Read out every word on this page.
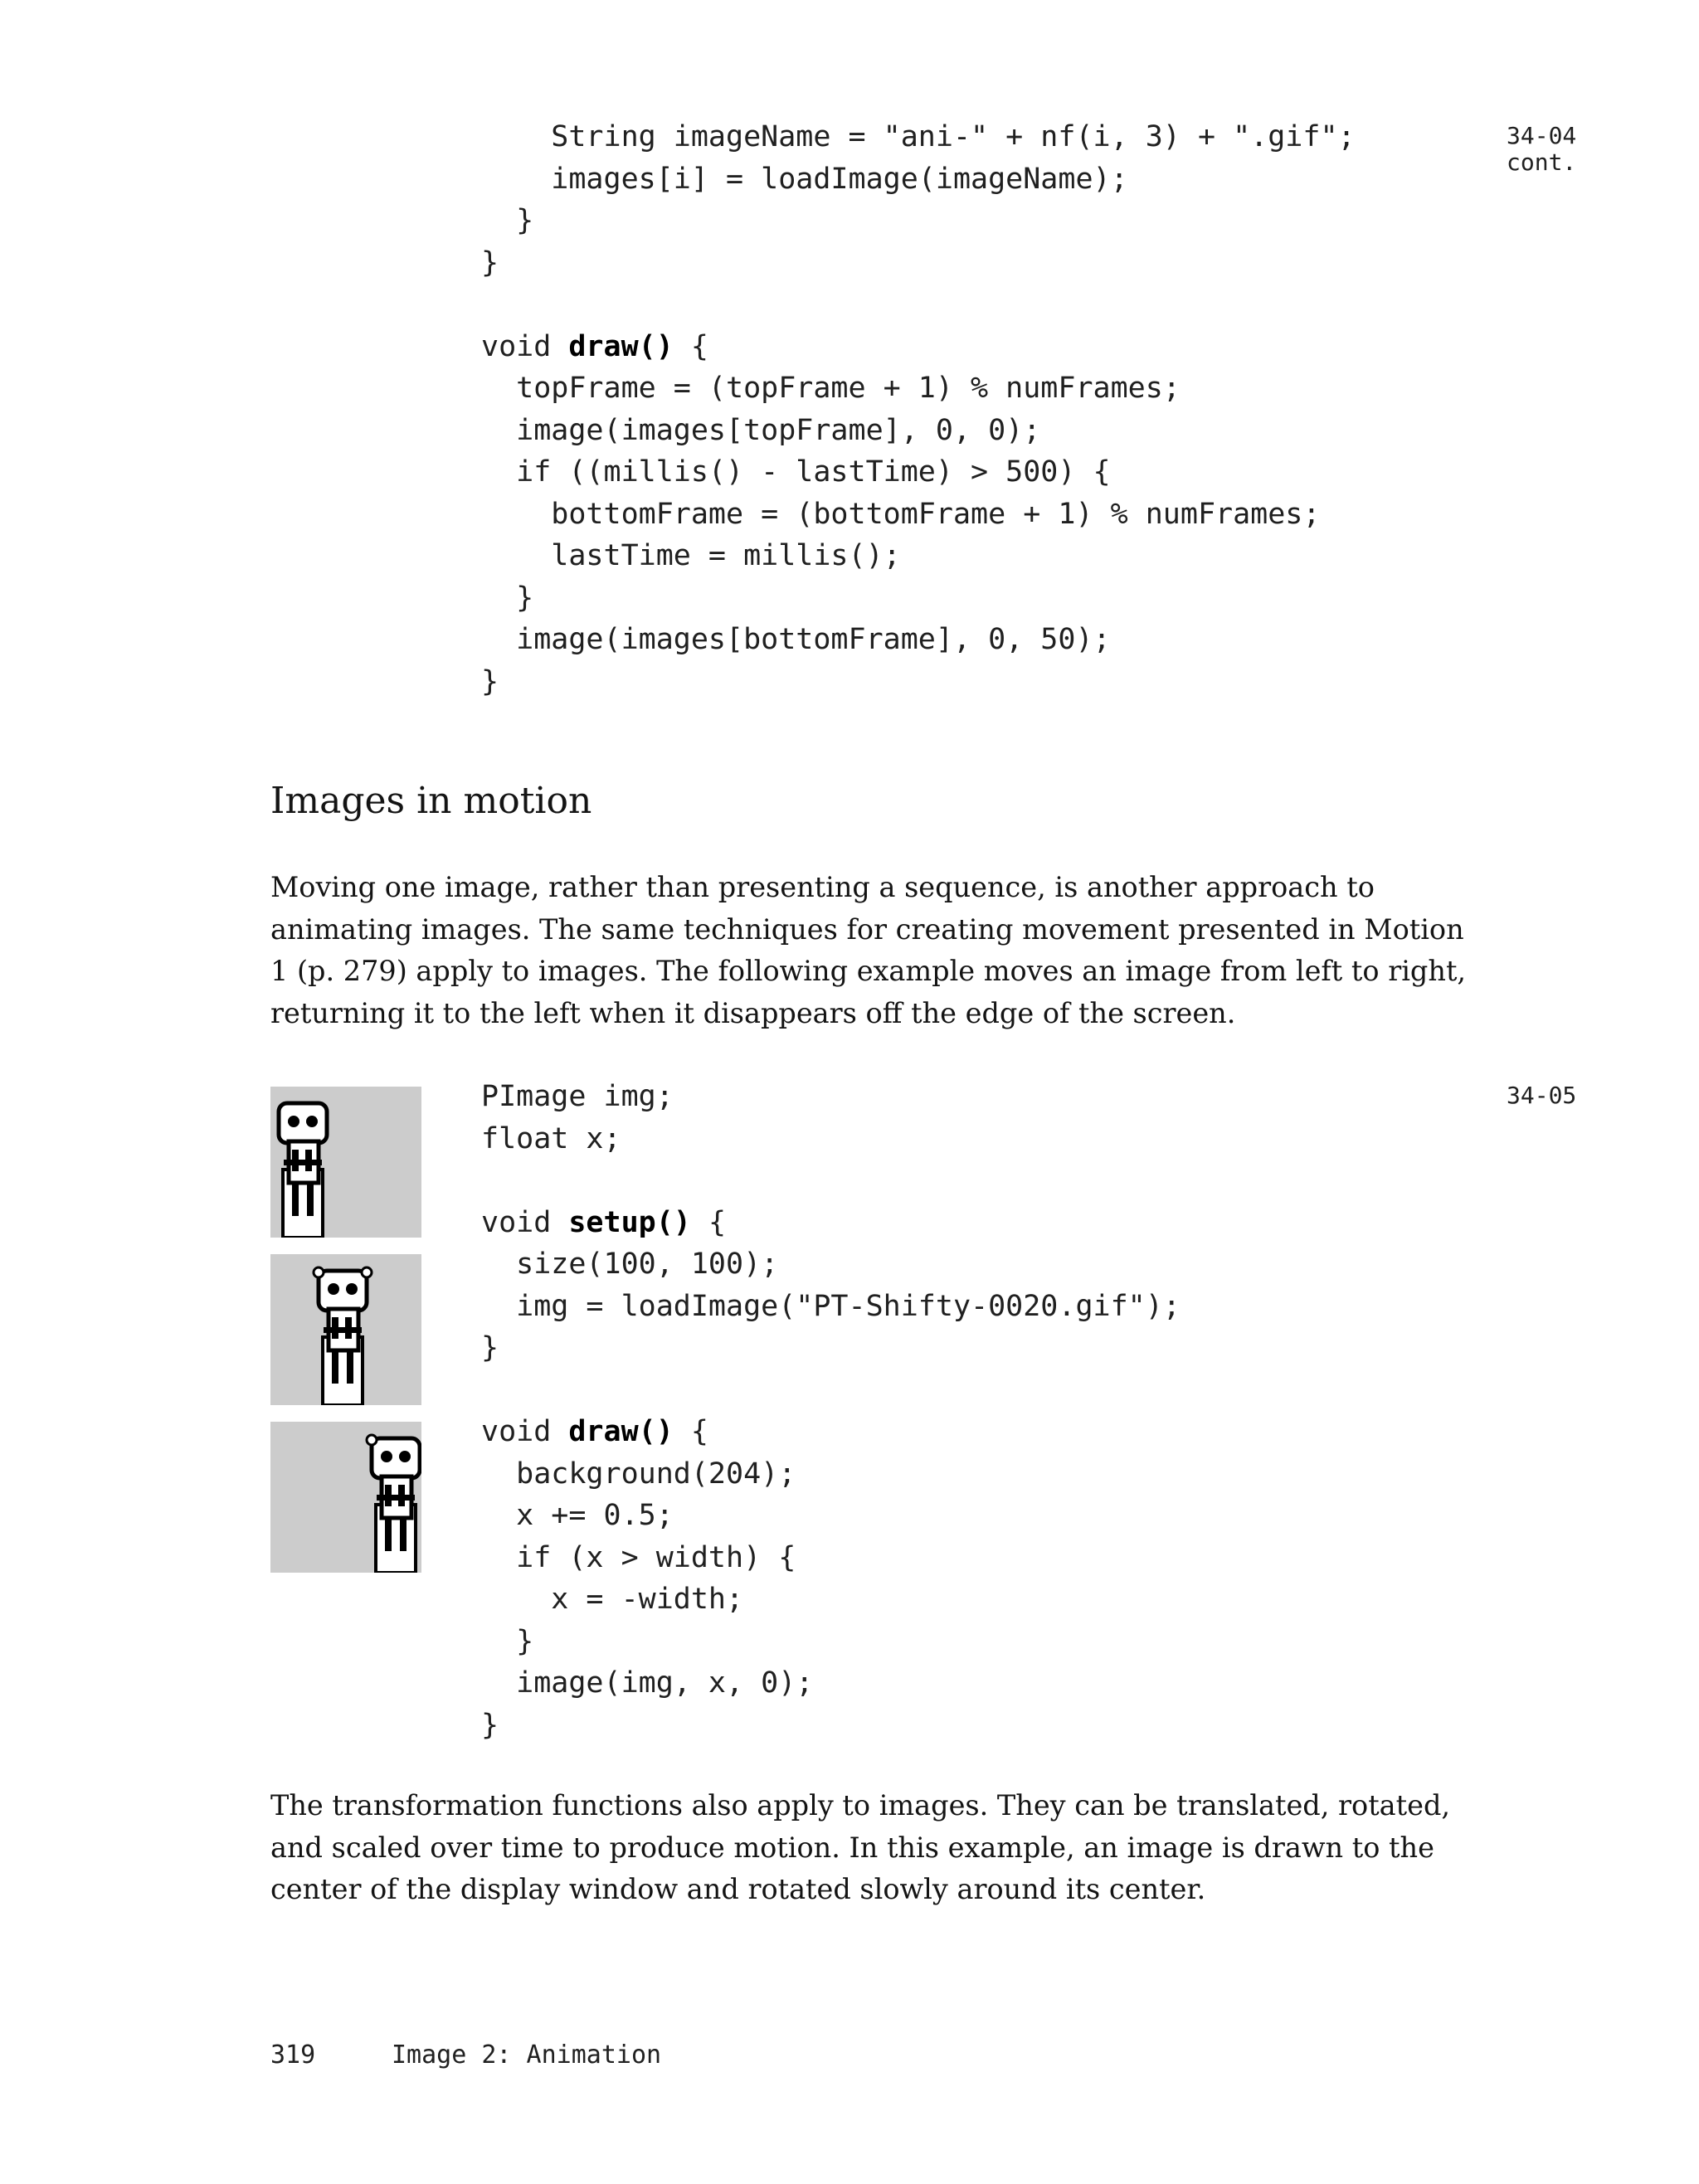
String imageName = "ani-" + nf(i, 3) + ".gif";
images[i] = loadImage(imageName);
}
}

void draw() {
topFrame = (topFrame + 1) % numFrames;
image(images[topFrame], 0, 0);
if ((millis() - lastTime) > 500) {
bottomFrame = (bottomFrame + 1) % numFrames;
lastTime = millis();
}
image(images[bottomFrame], 0, 50);
}
34-04
cont.
Images in motion

Moving one image, rather than presenting a sequence, is another approach to animating images. The same techniques for creating movement presented in Motion 1 (p. 279) apply to images. The following example moves an image from left to right, returning it to the left when it disappears off the edge of the screen.

PImage img;
float x;

void setup() {
size(100, 100);
img = loadImage("PT-Shifty-0020.gif");
}

void draw() {
background(204);
x += 0.5;
if (x > width) {
x = -width;
}
image(img, x, 0);
}
34-05

The transformation functions also apply to images. They can be translated, rotated, and scaled over time to produce motion. In this example, an image is drawn to the center of the display window and rotated slowly around its center.

319	Image 2: Animation
